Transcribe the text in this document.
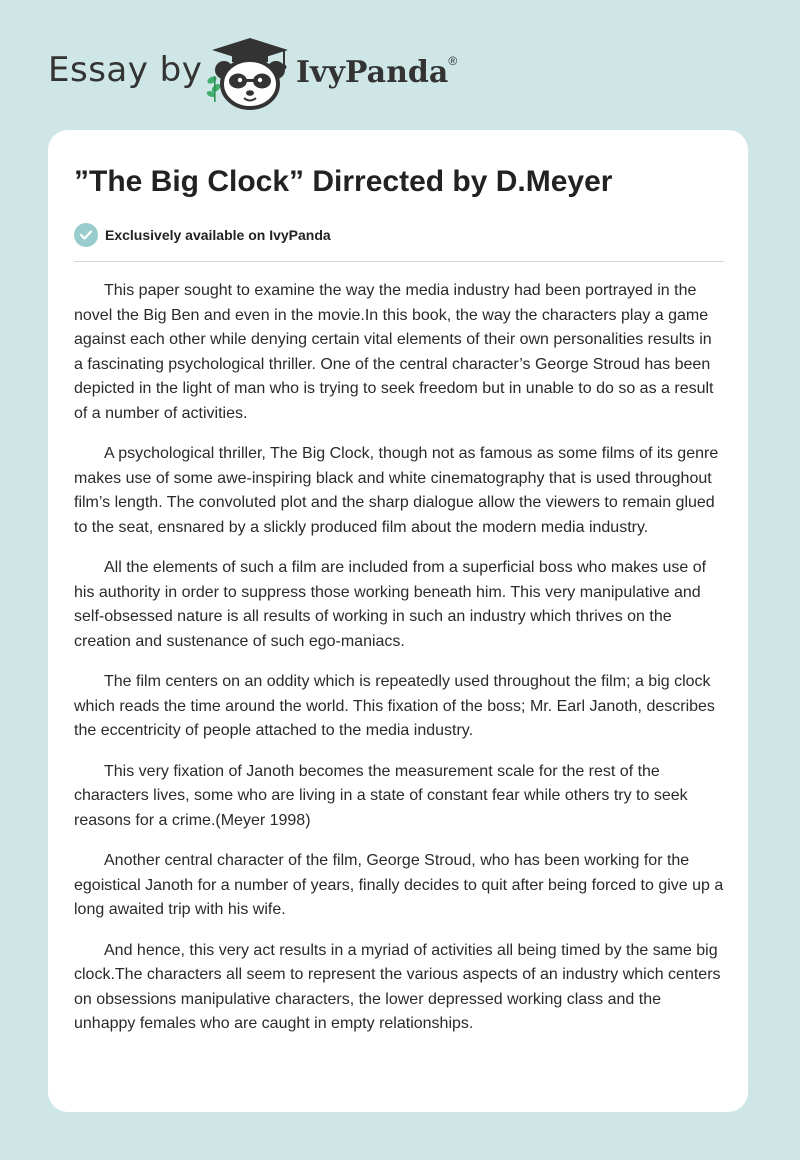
Essay by	IvyPanda®
”The Big Clock” Dirrected by D.Meyer
Exclusively available on IvyPanda

This paper sought to examine the way the media industry had been portrayed in the novel the Big Ben and even in the movie.In this book, the way the characters play a game against each other while denying certain vital elements of their own personalities results in a fascinating psychological thriller. One of the central character’s George Stroud has been depicted in the light of man who is trying to seek freedom but in unable to do so as a result of a number of activities.

A psychological thriller, The Big Clock, though not as famous as some films of its genre makes use of some awe-inspiring black and white cinematography that is used throughout film’s length. The convoluted plot and the sharp dialogue allow the viewers to remain glued to the seat, ensnared by a slickly produced film about the modern media industry.

All the elements of such a film are included from a superficial boss who makes use of his authority in order to suppress those working beneath him. This very manipulative and self-obsessed nature is all results of working in such an industry which thrives on the creation and sustenance of such ego-maniacs.

The film centers on an oddity which is repeatedly used throughout the film; a big clock which reads the time around the world. This fixation of the boss; Mr. Earl Janoth, describes the eccentricity of people attached to the media industry.

This very fixation of Janoth becomes the measurement scale for the rest of the characters lives, some who are living in a state of constant fear while others try to seek reasons for a crime.(Meyer 1998)

Another central character of the film, George Stroud, who has been working for the egoistical Janoth for a number of years, finally decides to quit after being forced to give up a long awaited trip with his wife.

And hence, this very act results in a myriad of activities all being timed by the same big clock.The characters all seem to represent the various aspects of an industry which centers on obsessions manipulative characters, the lower depressed working class and the unhappy females who are caught in empty relationships.
